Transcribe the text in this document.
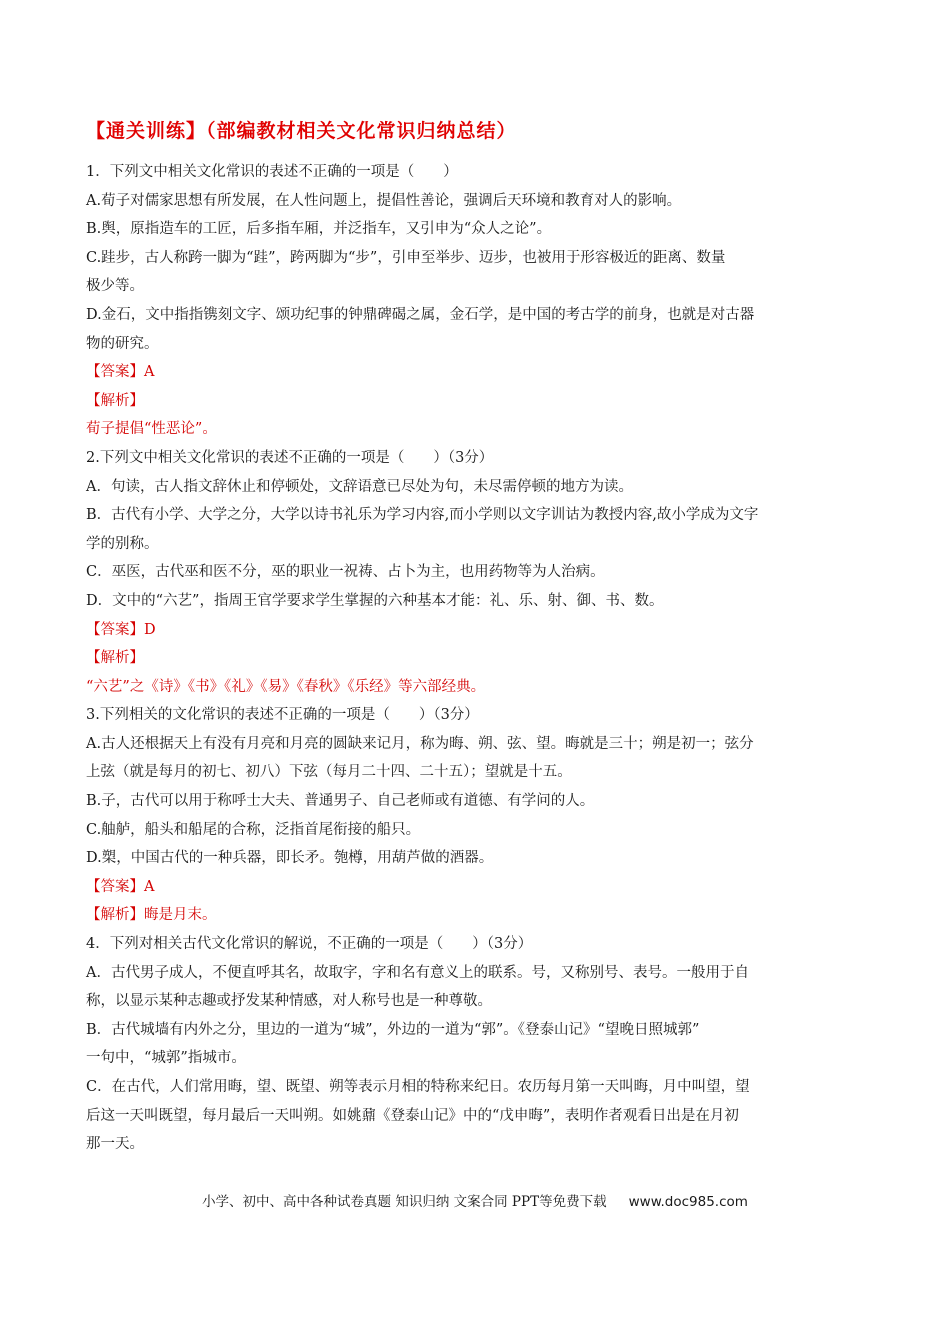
【通关训练】（部编教材相关文化常识归纳总结）

1．下列文中相关文化常识的表述不正确的一项是（　　）

A.荀子对儒家思想有所发展，在人性问题上，提倡性善论，强调后天环境和教育对人的影响。

B.舆，原指造车的工匠，后多指车厢，并泛指车，又引申为“众人之论”。

C.跬步，古人称跨一脚为“跬”，跨两脚为“步”，引申至举步、迈步，也被用于形容极近的距离、数量

极少等。

D.金石，文中指指镌刻文字、颂功纪事的钟鼎碑碣之属，金石学，是中国的考古学的前身，也就是对古器

物的研究。

【答案】A

【解析】

荀子提倡“性恶论”。

2.下列文中相关文化常识的表述不正确的一项是（　　）（3分）

A．句读，古人指文辞休止和停顿处，文辞语意已尽处为句，未尽需停顿的地方为读。

B．古代有小学、大学之分，大学以诗书礼乐为学习内容,而小学则以文字训诂为教授内容,故小学成为文字

学的别称。

C．巫医，古代巫和医不分，巫的职业一祝祷、占卜为主，也用药物等为人治病。

D．文中的“六艺”，指周王官学要求学生掌握的六种基本才能：礼、乐、射、御、书、数。

【答案】D

【解析】

“六艺”之《诗》《书》《礼》《易》《春秋》《乐经》等六部经典。

3.下列相关的文化常识的表述不正确的一项是（　　）（3分）

A.古人还根据天上有没有月亮和月亮的圆缺来记月，称为晦、朔、弦、望。晦就是三十；朔是初一；弦分

上弦（就是每月的初七、初八）下弦（每月二十四、二十五）；望就是十五。

B.子，古代可以用于称呼士大夫、普通男子、自己老师或有道德、有学问的人。

C.舳舻，船头和船尾的合称，泛指首尾衔接的船只。

D.槊，中国古代的一种兵器，即长矛。匏樽，用葫芦做的酒器。

【答案】A

【解析】晦是月末。

4．下列对相关古代文化常识的解说，不正确的一项是（　　）（3分）

A．古代男子成人，不便直呼其名，故取字，字和名有意义上的联系。号，又称别号、表号。一般用于自

称，以显示某种志趣或抒发某种情感，对人称号也是一种尊敬。

B．古代城墙有内外之分，里边的一道为“城”，外边的一道为“郭”。《登泰山记》“望晚日照城郭”

一句中，“城郭”指城市。

C．在古代，人们常用晦，望、既望、朔等表示月相的特称来纪日。农历每月第一天叫晦，月中叫望，望

后这一天叫既望，每月最后一天叫朔。如姚鼐《登泰山记》中的“戊申晦”，表明作者观看日出是在月初

那一天。

小学、初中、高中各种试卷真题 知识归纳 文案合同 PPT等免费下载 www.doc985.com
